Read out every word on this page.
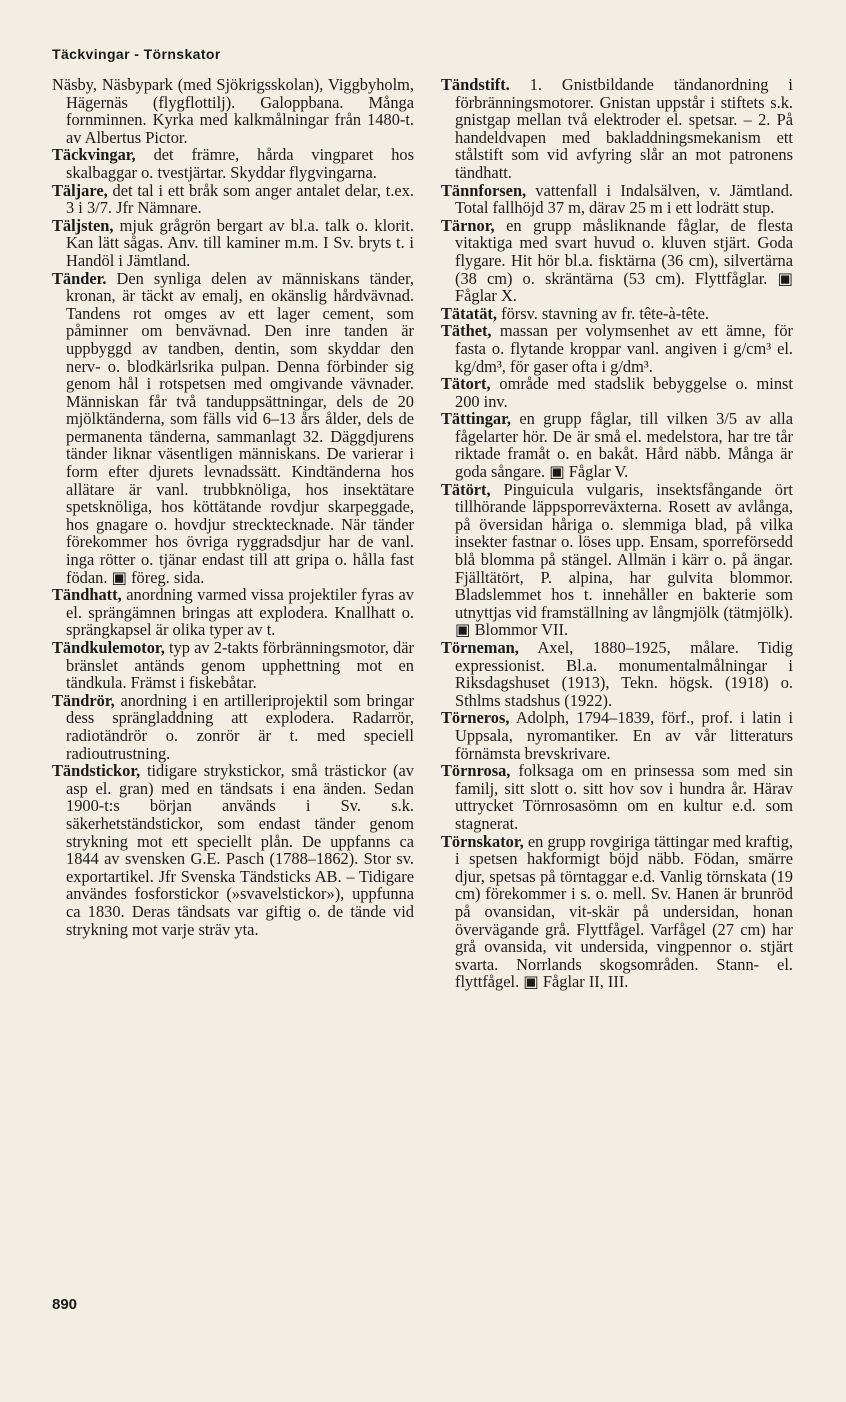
Täckvingar - Törnskator

Näsby, Näsbypark (med Sjökrigsskolan), Viggbyholm, Hägernäs (flygflottilj). Galoppbana. Många fornminnen. Kyrka med kalkmålningar från 1480-t. av Albertus Pictor.

Täckvingar, det främre, hårda vingparet hos skalbaggar o. tvestjärtar. Skyddar flygvingarna.

Täljare, det tal i ett bråk som anger antalet delar, t.ex. 3 i 3/7. Jfr Nämnare.

Täljsten, mjuk grågrön bergart av bl.a. talk o. klorit. Kan lätt sågas. Anv. till kaminer m.m. I Sv. bryts t. i Handöl i Jämtland.

Tänder. Den synliga delen av människans tänder, kronan, är täckt av emalj, en okänslig hårdvävnad. Tandens rot omges av ett lager cement, som påminner om benvävnad. Den inre tanden är uppbyggd av tandben, dentin, som skyddar den nerv- o. blodkärlsrika pulpan. Denna förbinder sig genom hål i rotspetsen med omgivande vävnader. Människan får två tanduppsättningar, dels de 20 mjölktänderna, som fälls vid 6–13 års ålder, dels de permanenta tänderna, sammanlagt 32. Däggdjurens tänder liknar väsentligen människans. De varierar i form efter djurets levnadssätt. Kindtänderna hos allätare är vanl. trubbknöliga, hos insektätare spetsknöliga, hos köttätande rovdjur skarpeggade, hos gnagare o. hovdjur strecktecknade. När tänder förekommer hos övriga ryggradsdjur har de vanl. inga rötter o. tjänar endast till att gripa o. hålla fast födan. ▣ föreg. sida.

Tändhatt, anordning varmed vissa projektiler fyras av el. sprängämnen bringas att explodera. Knallhatt o. sprängkapsel är olika typer av t.

Tändkulemotor, typ av 2-takts förbränningsmotor, där bränslet antänds genom upphettning mot en tändkula. Främst i fiskebåtar.

Tändrör, anordning i en artilleriprojektil som bringar dess sprängladdning att explodera. Radarrör, radiotändrör o. zonrör är t. med speciell radioutrustning.

Tändstickor, tidigare strykstickor, små trästickor (av asp el. gran) med en tändsats i ena änden. Sedan 1900-t:s början används i Sv. s.k. säkerhetständstickor, som endast tänder genom strykning mot ett speciellt plån. De uppfanns ca 1844 av svensken G.E. Pasch (1788–1862). Stor sv. exportartikel. Jfr Svenska Tändsticks AB. – Tidigare användes fosforstickor (»svavelstickor»), uppfunna ca 1830. Deras tändsats var giftig o. de tände vid strykning mot varje sträv yta.

Tändstift. 1. Gnistbildande tändanordning i förbränningsmotorer. Gnistan uppstår i stiftets s.k. gnistgap mellan två elektroder el. spetsar. – 2. På handeldvapen med bakladdningsmekanism ett stålstift som vid avfyring slår an mot patronens tändhatt.

Tännforsen, vattenfall i Indalsälven, v. Jämtland. Total fallhöjd 37 m, därav 25 m i ett lodrätt stup.

Tärnor, en grupp måsliknande fåglar, de flesta vitaktiga med svart huvud o. kluven stjärt. Goda flygare. Hit hör bl.a. fisktärna (36 cm), silvertärna (38 cm) o. skräntärna (53 cm). Flyttfåglar. ▣ Fåglar X.

Tätatät, försv. stavning av fr. tête-à-tête.

Täthet, massan per volymsenhet av ett ämne, för fasta o. flytande kroppar vanl. angiven i g/cm³ el. kg/dm³, för gaser ofta i g/dm³.

Tätort, område med stadslik bebyggelse o. minst 200 inv.

Tättingar, en grupp fåglar, till vilken 3/5 av alla fågelarter hör. De är små el. medelstora, har tre tår riktade framåt o. en bakåt. Hård näbb. Många är goda sångare. ▣ Fåglar V.

Tätört, Pinguicula vulgaris, insektsfångande ört tillhörande läppsporreväxterna. Rosett av avlånga, på översidan håriga o. slemmiga blad, på vilka insekter fastnar o. löses upp. Ensam, sporreförsedd blå blomma på stängel. Allmän i kärr o. på ängar. Fjälltätört, P. alpina, har gulvita blommor. Bladslemmet hos t. innehåller en bakterie som utnyttjas vid framställning av långmjölk (tätmjölk). ▣ Blommor VII.

Törneman, Axel, 1880–1925, målare. Tidig expressionist. Bl.a. monumentalmålningar i Riksdagshuset (1913), Tekn. högsk. (1918) o. Sthlms stadshus (1922).

Törneros, Adolph, 1794–1839, förf., prof. i latin i Uppsala, nyromantiker. En av vår litteraturs förnämsta brevskrivare.

Törnrosa, folksaga om en prinsessa som med sin familj, sitt slott o. sitt hov sov i hundra år. Härav uttrycket Törnrosasömn om en kultur e.d. som stagnerat.

Törnskator, en grupp rovgiriga tättingar med kraftig, i spetsen hakformigt böjd näbb. Födan, smärre djur, spetsas på törntaggar e.d. Vanlig törnskata (19 cm) förekommer i s. o. mell. Sv. Hanen är brunröd på ovansidan, vit-skär på undersidan, honan övervägande grå. Flyttfågel. Varfågel (27 cm) har grå ovansida, vit undersida, vingpennor o. stjärt svarta. Norrlands skogsområden. Stann- el. flyttfågel. ▣ Fåglar II, III.

890
